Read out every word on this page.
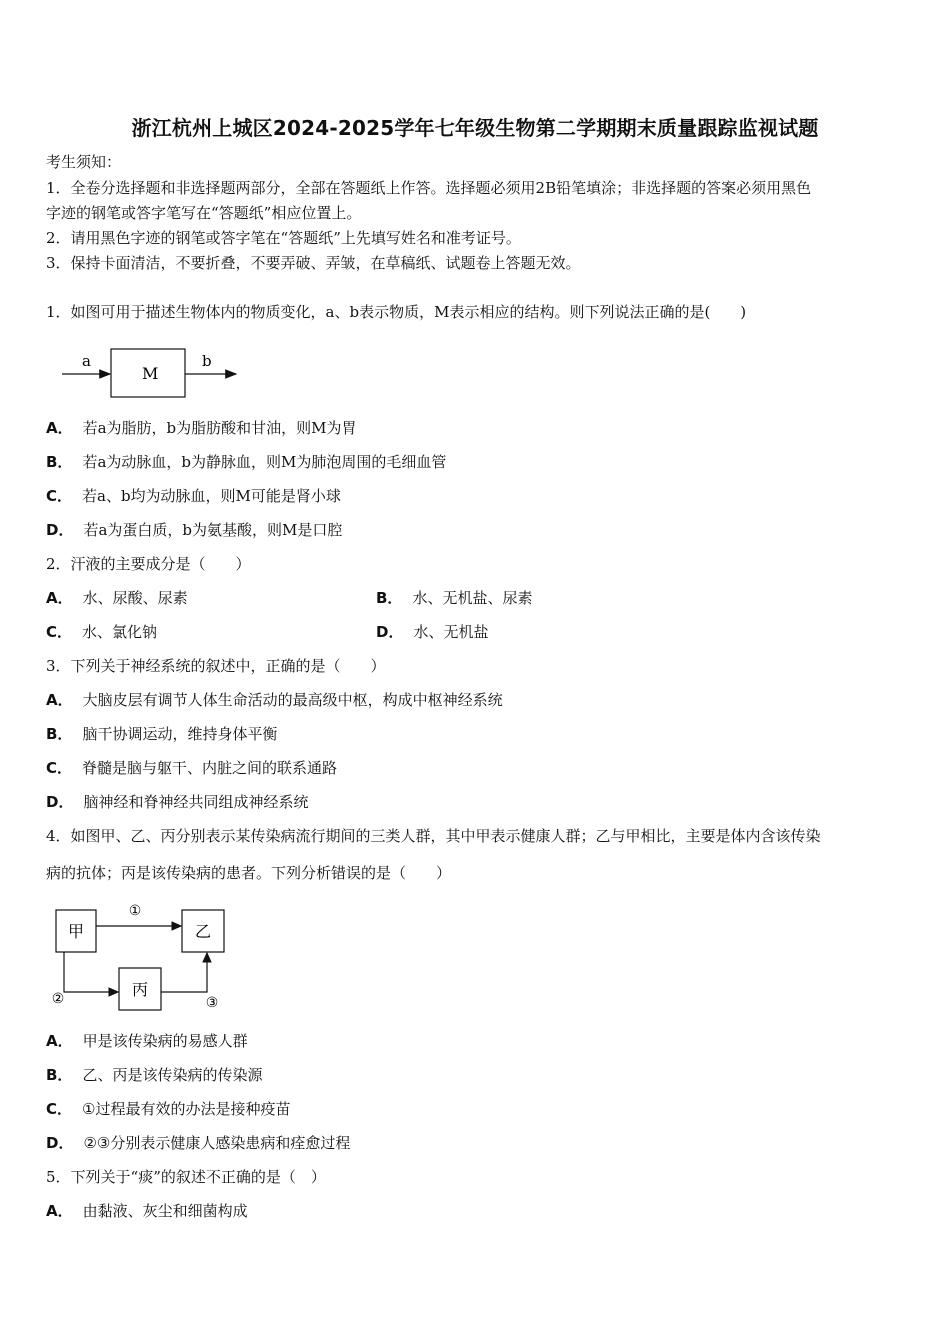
浙江杭州上城区2024-2025学年七年级生物第二学期期末质量跟踪监视试题
考生须知：
1．全卷分选择题和非选择题两部分，全部在答题纸上作答。选择题必须用2B铅笔填涂；非选择题的答案必须用黑色
字迹的钢笔或答字笔写在“答题纸”相应位置上。
2．请用黑色字迹的钢笔或答字笔在“答题纸”上先填写姓名和准考证号。
3．保持卡面清洁，不要折叠，不要弄破、弄皱，在草稿纸、试题卷上答题无效。
1．如图可用于描述生物体内的物质变化，a、b表示物质，M表示相应的结构。则下列说法正确的是(　　)
a
M
b
A． 若a为脂肪，b为脂肪酸和甘油，则M为胃
B． 若a为动脉血，b为静脉血，则M为肺泡周围的毛细血管
C． 若a、b均为动脉血，则M可能是肾小球
D． 若a为蛋白质，b为氨基酸，则M是口腔
2．汗液的主要成分是（　　）
A． 水、尿酸、尿素	B． 水、无机盐、尿素
C． 水、氯化钠	D． 水、无机盐
3．下列关于神经系统的叙述中，正确的是（　　）
A． 大脑皮层有调节人体生命活动的最高级中枢，构成中枢神经系统
B． 脑干协调运动，维持身体平衡
C． 脊髓是脑与躯干、内脏之间的联系通路
D． 脑神经和脊神经共同组成神经系统
4．如图甲、乙、丙分别表示某传染病流行期间的三类人群，其中甲表示健康人群；乙与甲相比，主要是体内含该传染
病的抗体；丙是该传染病的患者。下列分析错误的是（　　）
甲	乙
丙
①
②	③
A． 甲是该传染病的易感人群
B． 乙、丙是该传染病的传染源
C． ①过程最有效的办法是接种疫苗
D． ②③分别表示健康人感染患病和痊愈过程
5．下列关于“痰”的叙述不正确的是（　）
A． 由黏液、灰尘和细菌构成
